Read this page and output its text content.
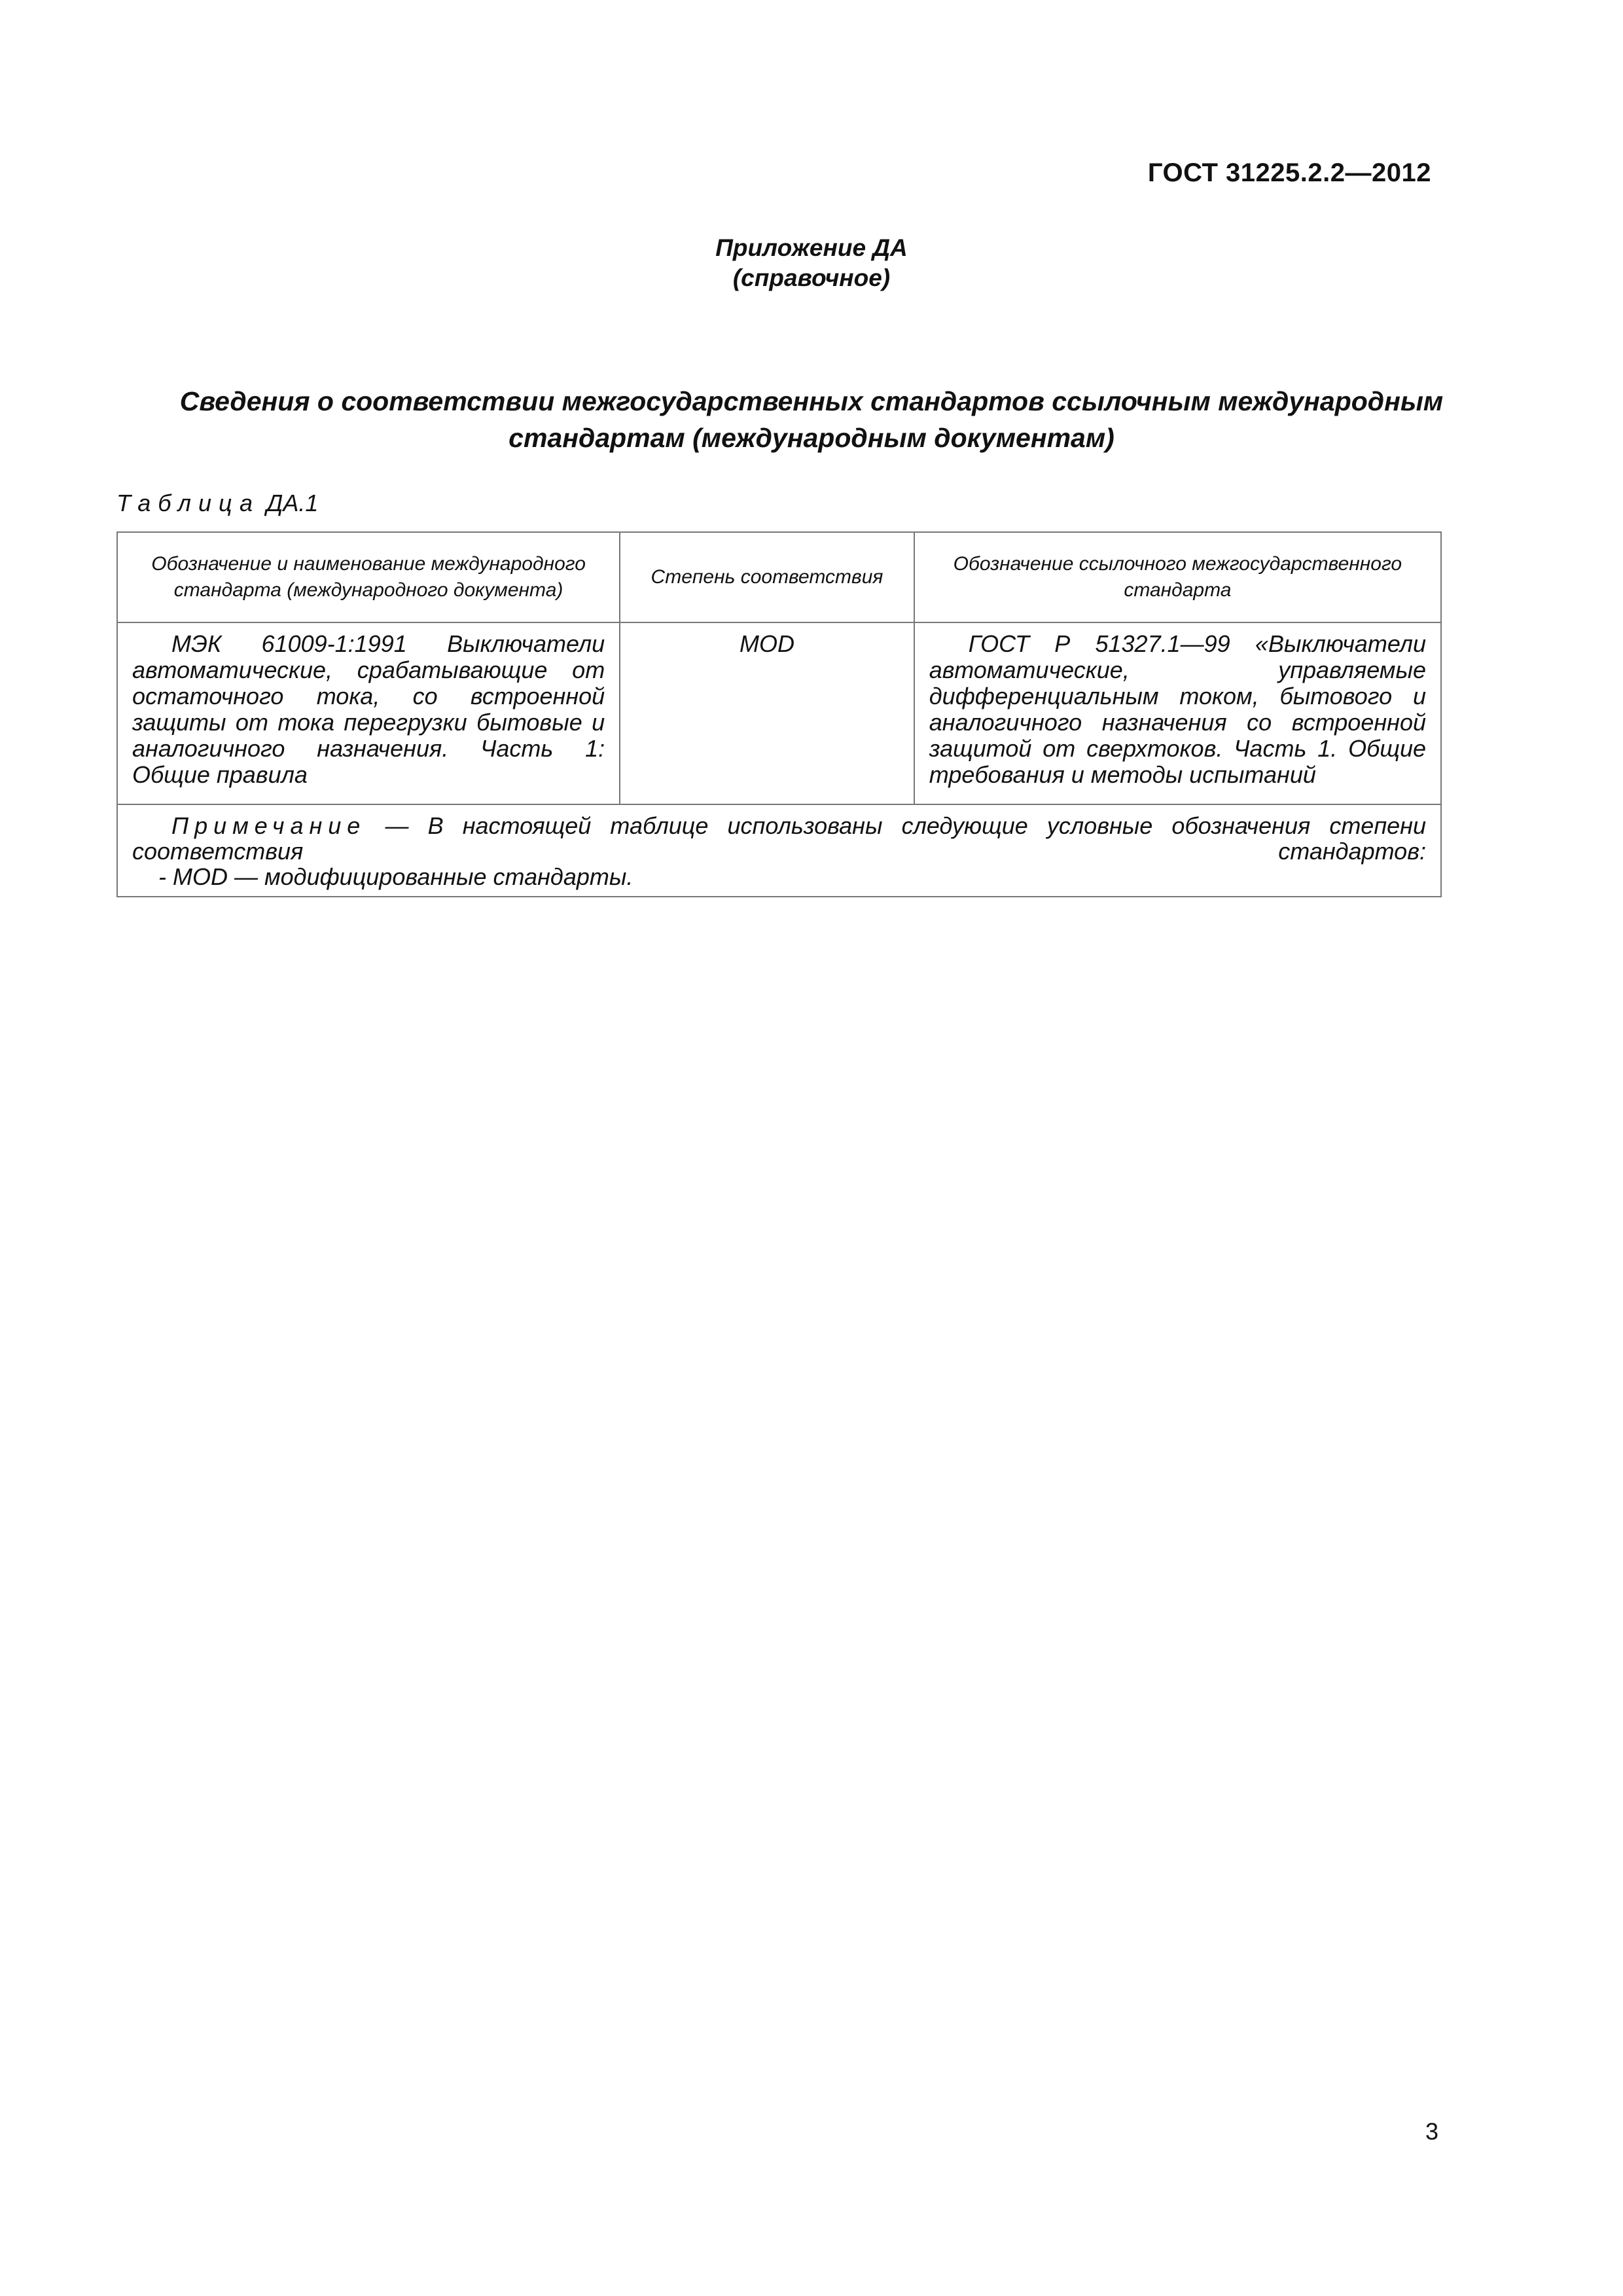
ГОСТ 31225.2.2—2012
Приложение ДА
(справочное)
Сведения о соответствии межгосударственных стандартов ссылочным международным
стандартам (международным документам)
Таблица ДА.1
Обозначение и наименование международного стандарта (международного документа)	Степень соответствия	Обозначение ссылочного межгосударственного стандарта
МЭК 61009-1:1991 Выключатели автоматические, срабатывающие от остаточного тока, со встроенной защиты от тока перегрузки бытовые и аналогичного назначения. Часть 1: Общие правила	MOD	ГОСТ Р 51327.1—99 «Выключатели автоматические, управляемые дифференциальным током, бытового и аналогичного назначения со встроенной защитой от сверхтоков. Часть 1. Общие требования и методы испытаний

Примечание — В настоящей таблице использованы следующие условные обозначения степени соответствия стандартов:
- MOD — модифицированные стандарты.		
3
